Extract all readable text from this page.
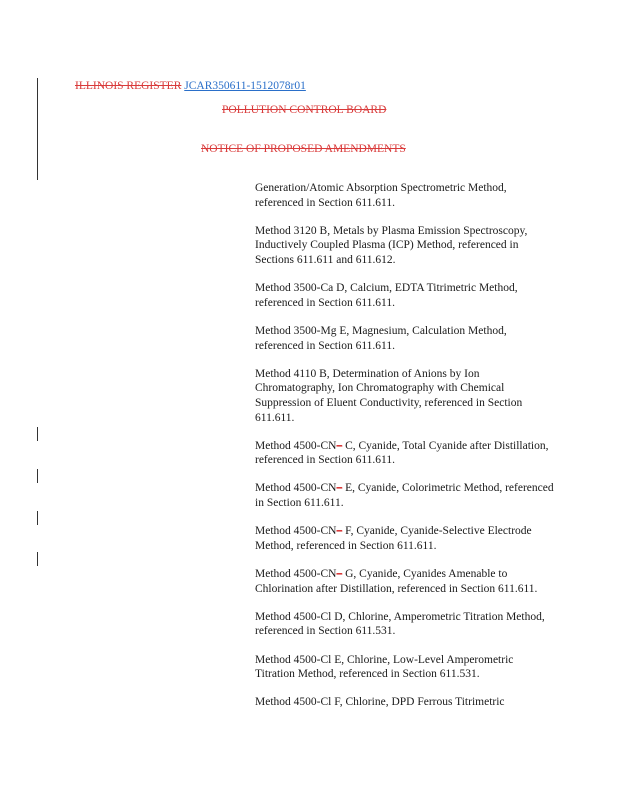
ILLINOIS REGISTER JCAR350611-1512078r01
POLLUTION CONTROL BOARD
NOTICE OF PROPOSED AMENDMENTS

Generation/Atomic Absorption Spectrometric Method, referenced in Section 611.611.

Method 3120 B, Metals by Plasma Emission Spectroscopy, Inductively Coupled Plasma (ICP) Method, referenced in Sections 611.611 and 611.612.

Method 3500-Ca D, Calcium, EDTA Titrimetric Method, referenced in Section 611.611.

Method 3500-Mg E, Magnesium, Calculation Method, referenced in Section 611.611.

Method 4110 B, Determination of Anions by Ion Chromatography, Ion Chromatography with Chemical Suppression of Eluent Conductivity, referenced in Section 611.611.

Method 4500-CN– C, Cyanide, Total Cyanide after Distillation, referenced in Section 611.611.

Method 4500-CN– E, Cyanide, Colorimetric Method, referenced in Section 611.611.

Method 4500-CN– F, Cyanide, Cyanide-Selective Electrode Method, referenced in Section 611.611.

Method 4500-CN– G, Cyanide, Cyanides Amenable to Chlorination after Distillation, referenced in Section 611.611.

Method 4500-Cl D, Chlorine, Amperometric Titration Method, referenced in Section 611.531.

Method 4500-Cl E, Chlorine, Low-Level Amperometric Titration Method, referenced in Section 611.531.

Method 4500-Cl F, Chlorine, DPD Ferrous Titrimetric
